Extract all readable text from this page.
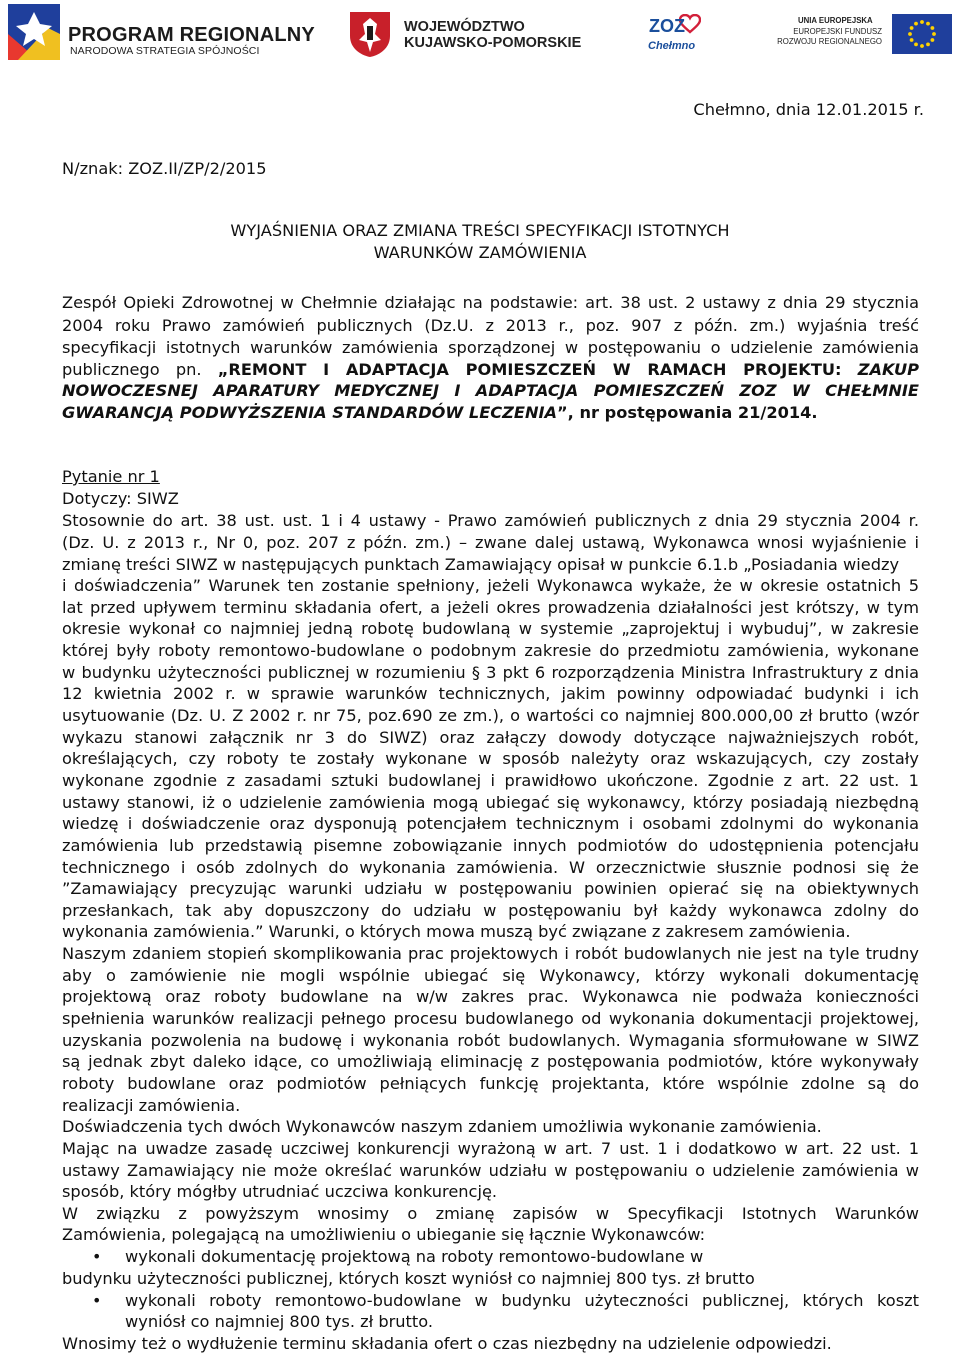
PROGRAM REGIONALNY
NARODOWA STRATEGIA SPÓJNOŚCI
WOJEWÓDZTWO
KUJAWSKO-POMORSKIE
ZOZ
Chełmno
UNIA EUROPEJSKA
EUROPEJSKI FUNDUSZ
ROZWOJU REGIONALNEGO
Chełmno, dnia 12.01.2015 r.
N/znak: ZOZ.II/ZP/2/2015
WYJAŚNIENIA ORAZ ZMIANA TREŚCI SPECYFIKACJI ISTOTNYCH
WARUNKÓW ZAMÓWIENIA
Zespół Opieki Zdrowotnej w Chełmnie działając na podstawie: art. 38 ust. 2 ustawy z dnia 29 stycznia
2004 roku Prawo zamówień publicznych (Dz.U. z 2013 r., poz. 907 z późn. zm.) wyjaśnia treść
specyfikacji istotnych warunków zamówienia sporządzonej w postępowaniu o udzielenie zamówienia
publicznego pn. „REMONT I ADAPTACJA POMIESZCZEŃ W RAMACH PROJEKTU: ZAKUP
NOWOCZESNEJ APARATURY MEDYCZNEJ I ADAPTACJA POMIESZCZEŃ ZOZ W CHEŁMNIE
GWARANCJĄ PODWYŻSZENIA STANDARDÓW LECZENIA”, nr postępowania 21/2014.
Pytanie nr 1
Dotyczy: SIWZ
Stosownie do art. 38 ust. ust. 1 i 4 ustawy - Prawo zamówień publicznych z dnia 29 stycznia 2004 r.
(Dz. U. z 2013 r., Nr 0, poz. 207 z późn. zm.) – zwane dalej ustawą, Wykonawca wnosi wyjaśnienie i
zmianę treści SIWZ w następujących punktach Zamawiający opisał w punkcie 6.1.b „Posiadania wiedzy
i doświadczenia” Warunek ten zostanie spełniony, jeżeli Wykonawca wykaże, że w okresie ostatnich 5
lat przed upływem terminu składania ofert, a jeżeli okres prowadzenia działalności jest krótszy, w tym
okresie wykonał co najmniej jedną robotę budowlaną w systemie „zaprojektuj i wybuduj”, w zakresie
której były roboty remontowo-budowlane o podobnym zakresie do przedmiotu zamówienia, wykonane
w budynku użyteczności publicznej w rozumieniu § 3 pkt 6 rozporządzenia Ministra Infrastruktury z dnia
12 kwietnia 2002 r. w sprawie warunków technicznych, jakim powinny odpowiadać budynki i ich
usytuowanie (Dz. U. Z 2002 r. nr 75, poz.690 ze zm.), o wartości co najmniej 800.000,00 zł brutto (wzór
wykazu stanowi załącznik nr 3 do SIWZ) oraz załączy dowody dotyczące najważniejszych robót,
określających, czy roboty te zostały wykonane w sposób należyty oraz wskazujących, czy zostały
wykonane zgodnie z zasadami sztuki budowlanej i prawidłowo ukończone. Zgodnie z art. 22 ust. 1
ustawy stanowi, iż o udzielenie zamówienia mogą ubiegać się wykonawcy, którzy posiadają niezbędną
wiedzę i doświadczenie oraz dysponują potencjałem technicznym i osobami zdolnymi do wykonania
zamówienia lub przedstawią pisemne zobowiązanie innych podmiotów do udostępnienia potencjału
technicznego i osób zdolnych do wykonania zamówienia. W orzecznictwie słusznie podnosi się że
”Zamawiający precyzując warunki udziału w postępowaniu powinien opierać się na obiektywnych
przesłankach, tak aby dopuszczony do udziału w postępowaniu był każdy wykonawca zdolny do
wykonania zamówienia.” Warunki, o których mowa muszą być związane z zakresem zamówienia.
Naszym zdaniem stopień skomplikowania prac projektowych i robót budowlanych nie jest na tyle trudny
aby o zamówienie nie mogli wspólnie ubiegać się Wykonawcy, którzy wykonali dokumentację
projektową oraz roboty budowlane na w/w zakres prac. Wykonawca nie podważa konieczności
spełnienia warunków realizacji pełnego procesu budowlanego od wykonania dokumentacji projektowej,
uzyskania pozwolenia na budowę i wykonania robót budowlanych. Wymagania sformułowane w SIWZ
są jednak zbyt daleko idące, co umożliwiają eliminację z postępowania podmiotów, które wykonywały
roboty budowlane oraz podmiotów pełniących funkcję projektanta, które wspólnie zdolne są do
realizacji zamówienia.
Doświadczenia tych dwóch Wykonawców naszym zdaniem umożliwia wykonanie zamówienia.
Mając na uwadze zasadę uczciwej konkurencji wyrażoną w art. 7 ust. 1 i dodatkowo w art. 22 ust. 1
ustawy Zamawiający nie może określać warunków udziału w postępowaniu o udzielenie zamówienia w
sposób, który mógłby utrudniać uczciwa konkurencję.
W związku z powyższym wnosimy o zmianę zapisów w Specyfikacji Istotnych Warunków
Zamówienia, polegającą na umożliwieniu o ubieganie się łącznie Wykonawców:
• wykonali dokumentację projektową na roboty remontowo-budowlane w
budynku użyteczności publicznej, których koszt wyniósł co najmniej 800 tys. zł brutto
• wykonali roboty remontowo-budowlane w budynku użyteczności publicznej, których koszt
wyniósł co najmniej 800 tys. zł brutto.
Wnosimy też o wydłużenie terminu składania ofert o czas niezbędny na udzielenie odpowiedzi.
